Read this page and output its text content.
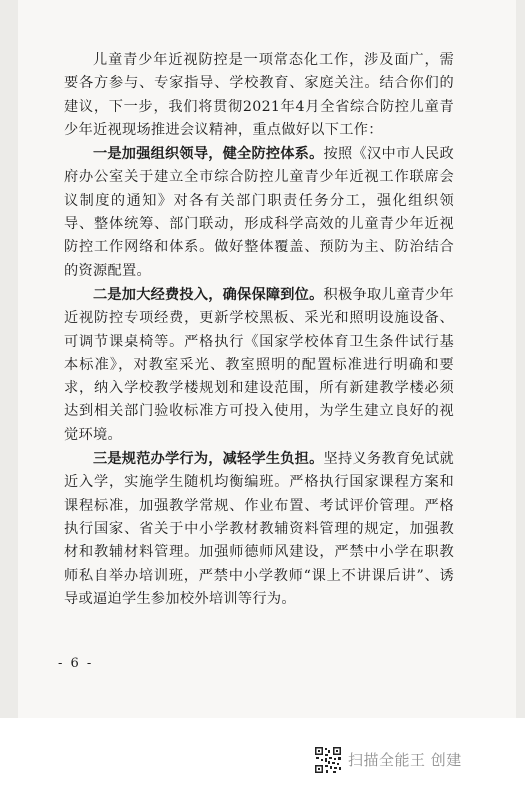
儿童青少年近视防控是一项常态化工作，涉及面广，需要各方参与、专家指导、学校教育、家庭关注。结合你们的建议，下一步，我们将贯彻2021年4月全省综合防控儿童青少年近视现场推进会议精神，重点做好以下工作：

一是加强组织领导，健全防控体系。按照《汉中市人民政府办公室关于建立全市综合防控儿童青少年近视工作联席会议制度的通知》对各有关部门职责任务分工，强化组织领导、整体统筹、部门联动，形成科学高效的儿童青少年近视防控工作网络和体系。做好整体覆盖、预防为主、防治结合的资源配置。

二是加大经费投入，确保保障到位。积极争取儿童青少年近视防控专项经费，更新学校黑板、采光和照明设施设备、可调节课桌椅等。严格执行《国家学校体育卫生条件试行基本标准》，对教室采光、教室照明的配置标准进行明确和要求，纳入学校教学楼规划和建设范围，所有新建教学楼必须达到相关部门验收标准方可投入使用，为学生建立良好的视觉环境。

三是规范办学行为，减轻学生负担。坚持义务教育免试就近入学，实施学生随机均衡编班。严格执行国家课程方案和课程标准，加强教学常规、作业布置、考试评价管理。严格执行国家、省关于中小学教材教辅资料管理的规定，加强教材和教辅材料管理。加强师德师风建设，严禁中小学在职教师私自举办培训班，严禁中小学教师“课上不讲课后讲”、诱导或逼迫学生参加校外培训等行为。

- 6 -
扫描全能王 创建
